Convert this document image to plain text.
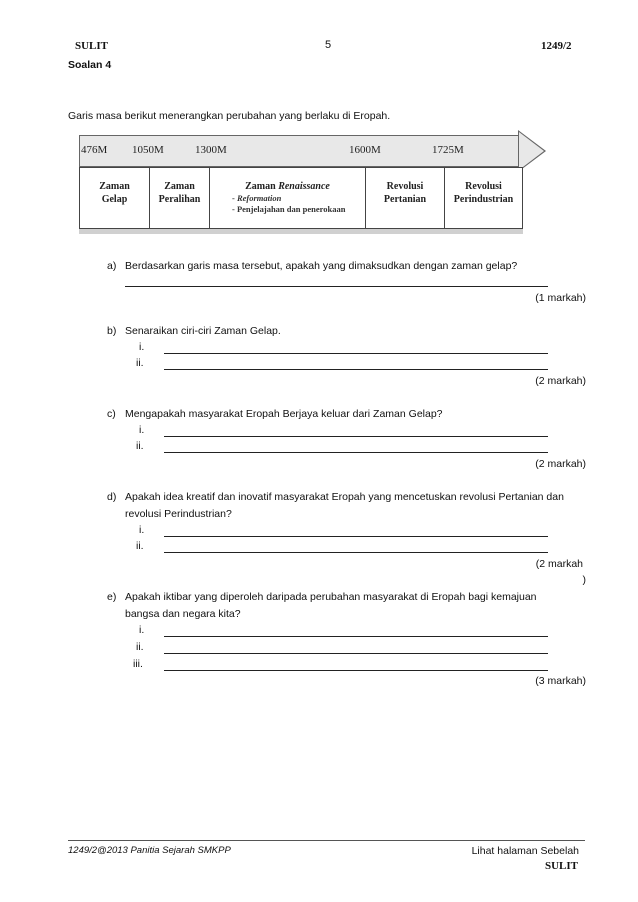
SULIT	5	1249/2
Soalan 4
Garis masa berikut menerangkan perubahan yang berlaku di Eropah.
476M 1050M	1300M	1600M	1725M
Zaman
Gelap
Zaman
Peralihan
Zaman Renaissance
- Reformation
- Penjelajahan dan penerokaan
Revolusi
Pertanian
Revolusi
Perindustrian
a) Berdasarkan garis masa tersebut, apakah yang dimaksudkan dengan zaman gelap?
(1 markah)
b) Senaraikan ciri-ciri Zaman Gelap.
i.
ii.
(2 markah)
c) Mengapakah masyarakat Eropah Berjaya keluar dari Zaman Gelap?
i.
ii.
(2 markah)
d) Apakah idea kreatif dan inovatif masyarakat Eropah yang mencetuskan revolusi Pertanian dan
revolusi Perindustrian?
i.
ii.
(2 markah
)
e) Apakah iktibar yang diperoleh daripada perubahan masyarakat di Eropah bagi kemajuan
bangsa dan negara kita?
i.
ii.
iii.
(3 markah)
1249/2@2013 Panitia Sejarah SMKPP	Lihat halaman Sebelah
SULIT
